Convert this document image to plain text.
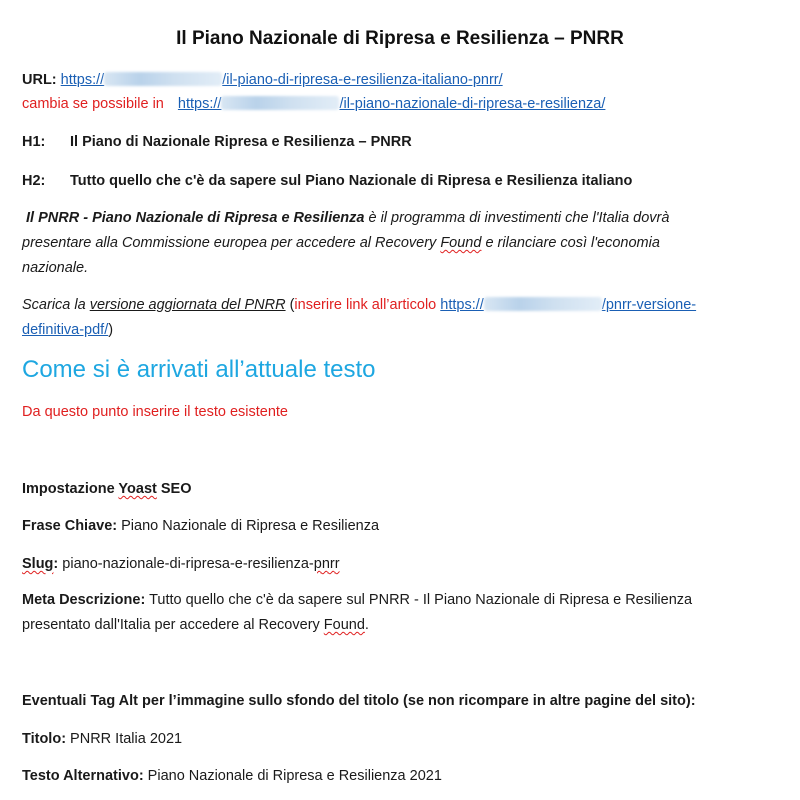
Il Piano Nazionale di Ripresa e Resilienza – PNRR
URL: https://	/il-piano-di-ripresa-e-resilienza-italiano-pnrr/
cambia se possibile in https://	/il-piano-nazionale-di-ripresa-e-resilienza/
H1: Il Piano di Nazionale Ripresa e Resilienza – PNRR
H2: Tutto quello che c'è da sapere sul Piano Nazionale di Ripresa e Resilienza italiano
Il PNRR - Piano Nazionale di Ripresa e Resilienza è il programma di investimenti che l'Italia dovrà
presentare alla Commissione europea per accedere al Recovery Found e rilanciare così l'economia
nazionale.
Scarica la versione aggiornata del PNRR (inserire link all’articolo https://	/pnrr-versione-
definitiva-pdf/)
Come si è arrivati all’attuale testo
Da questo punto inserire il testo esistente
Impostazione Yoast SEO
Frase Chiave: Piano Nazionale di Ripresa e Resilienza
Slug: piano-nazionale-di-ripresa-e-resilienza-pnrr
Meta Descrizione: Tutto quello che c'è da sapere sul PNRR - Il Piano Nazionale di Ripresa e Resilienza
presentato dall'Italia per accedere al Recovery Found.
Eventuali Tag Alt per l’immagine sullo sfondo del titolo (se non ricompare in altre pagine del sito):
Titolo: PNRR Italia 2021
Testo Alternativo: Piano Nazionale di Ripresa e Resilienza 2021
